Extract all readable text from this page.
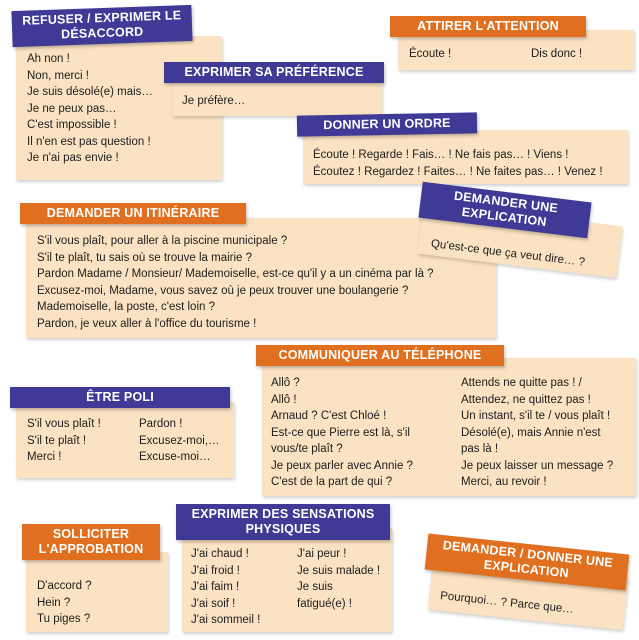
REFUSER / EXPRIMER LE DÉSACCORD
Ah non !
Non, merci !
Je suis désolé(e) mais…
Je ne peux pas…
C'est impossible !
Il n'en est pas question !
Je n'ai pas envie !
ATTIRER L'ATTENTION
Écoute !	Dis donc !
EXPRIMER SA PRÉFÉRENCE
Je préfère…
DONNER UN ORDRE
Écoute ! Regarde ! Fais… ! Ne fais pas… ! Viens !
Écoutez ! Regardez ! Faites… ! Ne faites pas… ! Venez !
DEMANDER UN ITINÉRAIRE
S'il vous plaît, pour aller à la piscine municipale ?
S'il te plaît, tu sais où se trouve la mairie ?
Pardon Madame / Monsieur/ Mademoiselle, est-ce qu'il y a un cinéma par là ?
Excusez-moi, Madame, vous savez où je peux trouver une boulangerie ?
Mademoiselle, la poste, c'est loin ?
Pardon, je veux aller à l'office du tourisme !
DEMANDER UNE EXPLICATION
Qu'est-ce que ça veut dire… ?
COMMUNIQUER AU TÉLÉPHONE
Allô ?
Allô !
Arnaud ? C'est Chloé !
Est-ce que Pierre est là, s'il
vous/te plaît ?
Je peux parler avec Annie ?
C'est de la part de qui ?
Attends ne quitte pas ! /
Attendez, ne quittez pas !
Un instant, s'il te / vous plaît !
Désolé(e), mais Annie n'est
pas là !
Je peux laisser un message ?
Merci, au revoir !
ÊTRE POLI
S'il vous plaît !
S'il te plaît !
Merci !
Pardon !
Excusez-moi,…
Excuse-moi…
EXPRIMER DES SENSATIONS PHYSIQUES
J'ai chaud !
J'ai froid !
J'ai faim !
J'ai soif !
J'ai sommeil !
J'ai peur !
Je suis malade !
Je suis
fatigué(e) !
SOLLICITER L'APPROBATION
D'accord ?
Hein ?
Tu piges ?
DEMANDER / DONNER UNE EXPLICATION
Pourquoi… ? Parce que…
